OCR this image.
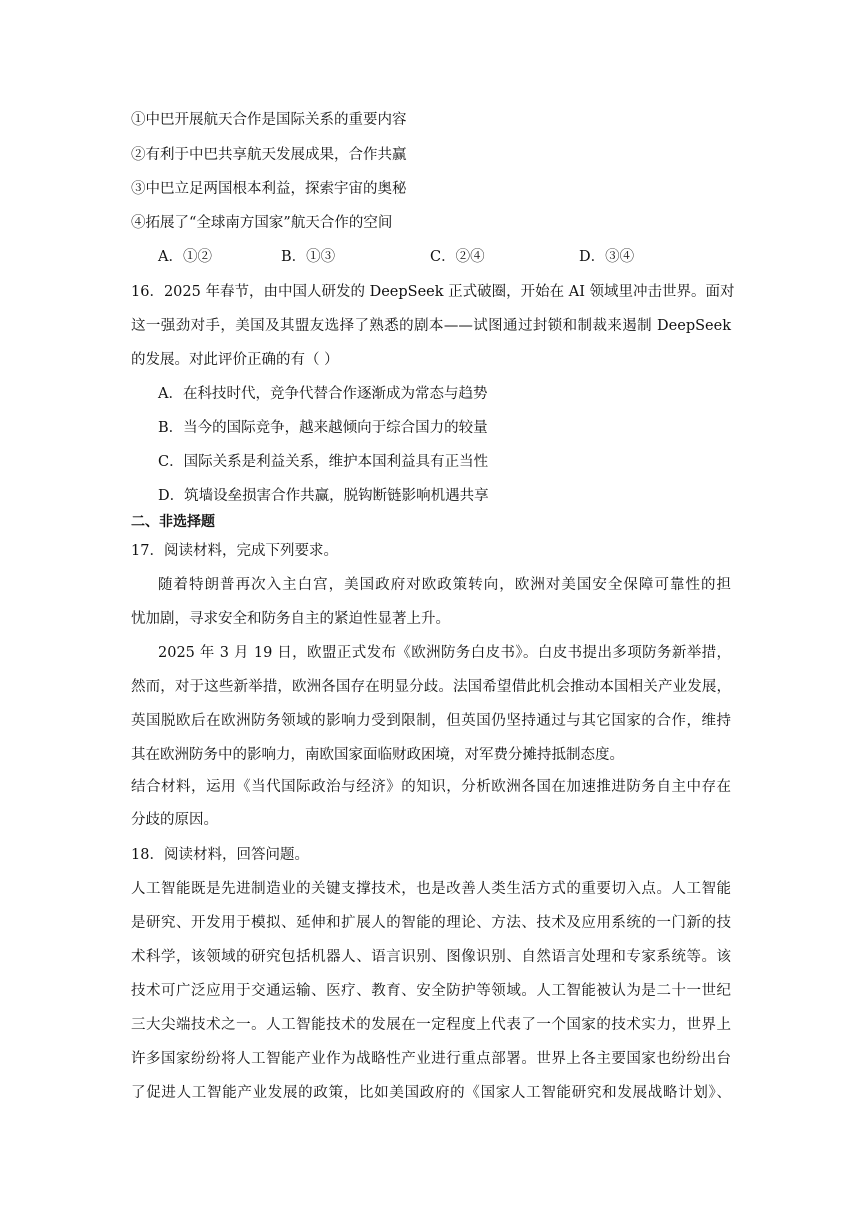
①中巴开展航天合作是国际关系的重要内容
②有利于中巴共享航天发展成果，合作共赢
③中巴立足两国根本利益，探索宇宙的奥秘
④拓展了“全球南方国家”航天合作的空间
A．①②	B．①③	C．②④	D．③④
16．2025 年春节，由中国人研发的 DeepSeek 正式破圈，开始在 AI 领域里冲击世界。面对
这一强劲对手，美国及其盟友选择了熟悉的剧本——试图通过封锁和制裁来遏制 DeepSeek
的发展。对此评价正确的有（ ）
A．在科技时代，竞争代替合作逐渐成为常态与趋势
B．当今的国际竞争，越来越倾向于综合国力的较量
C．国际关系是利益关系，维护本国利益具有正当性
D．筑墙设垒损害合作共赢，脱钩断链影响机遇共享
二、非选择题
17．阅读材料，完成下列要求。
随着特朗普再次入主白宫，美国政府对欧政策转向，欧洲对美国安全保障可靠性的担
忧加剧，寻求安全和防务自主的紧迫性显著上升。
2025 年 3 月 19 日，欧盟正式发布《欧洲防务白皮书》。白皮书提出多项防务新举措，
然而，对于这些新举措，欧洲各国存在明显分歧。法国希望借此机会推动本国相关产业发展，
英国脱欧后在欧洲防务领域的影响力受到限制，但英国仍坚持通过与其它国家的合作，维持
其在欧洲防务中的影响力，南欧国家面临财政困境，对军费分摊持抵制态度。
结合材料，运用《当代国际政治与经济》的知识，分析欧洲各国在加速推进防务自主中存在
分歧的原因。
18．阅读材料，回答问题。
人工智能既是先进制造业的关键支撑技术，也是改善人类生活方式的重要切入点。人工智能
是研究、开发用于模拟、延伸和扩展人的智能的理论、方法、技术及应用系统的一门新的技
术科学，该领域的研究包括机器人、语言识别、图像识别、自然语言处理和专家系统等。该
技术可广泛应用于交通运输、医疗、教育、安全防护等领域。人工智能被认为是二十一世纪
三大尖端技术之一。人工智能技术的发展在一定程度上代表了一个国家的技术实力，世界上
许多国家纷纷将人工智能产业作为战略性产业进行重点部署。世界上各主要国家也纷纷出台
了促进人工智能产业发展的政策，比如美国政府的《国家人工智能研究和发展战略计划》、
